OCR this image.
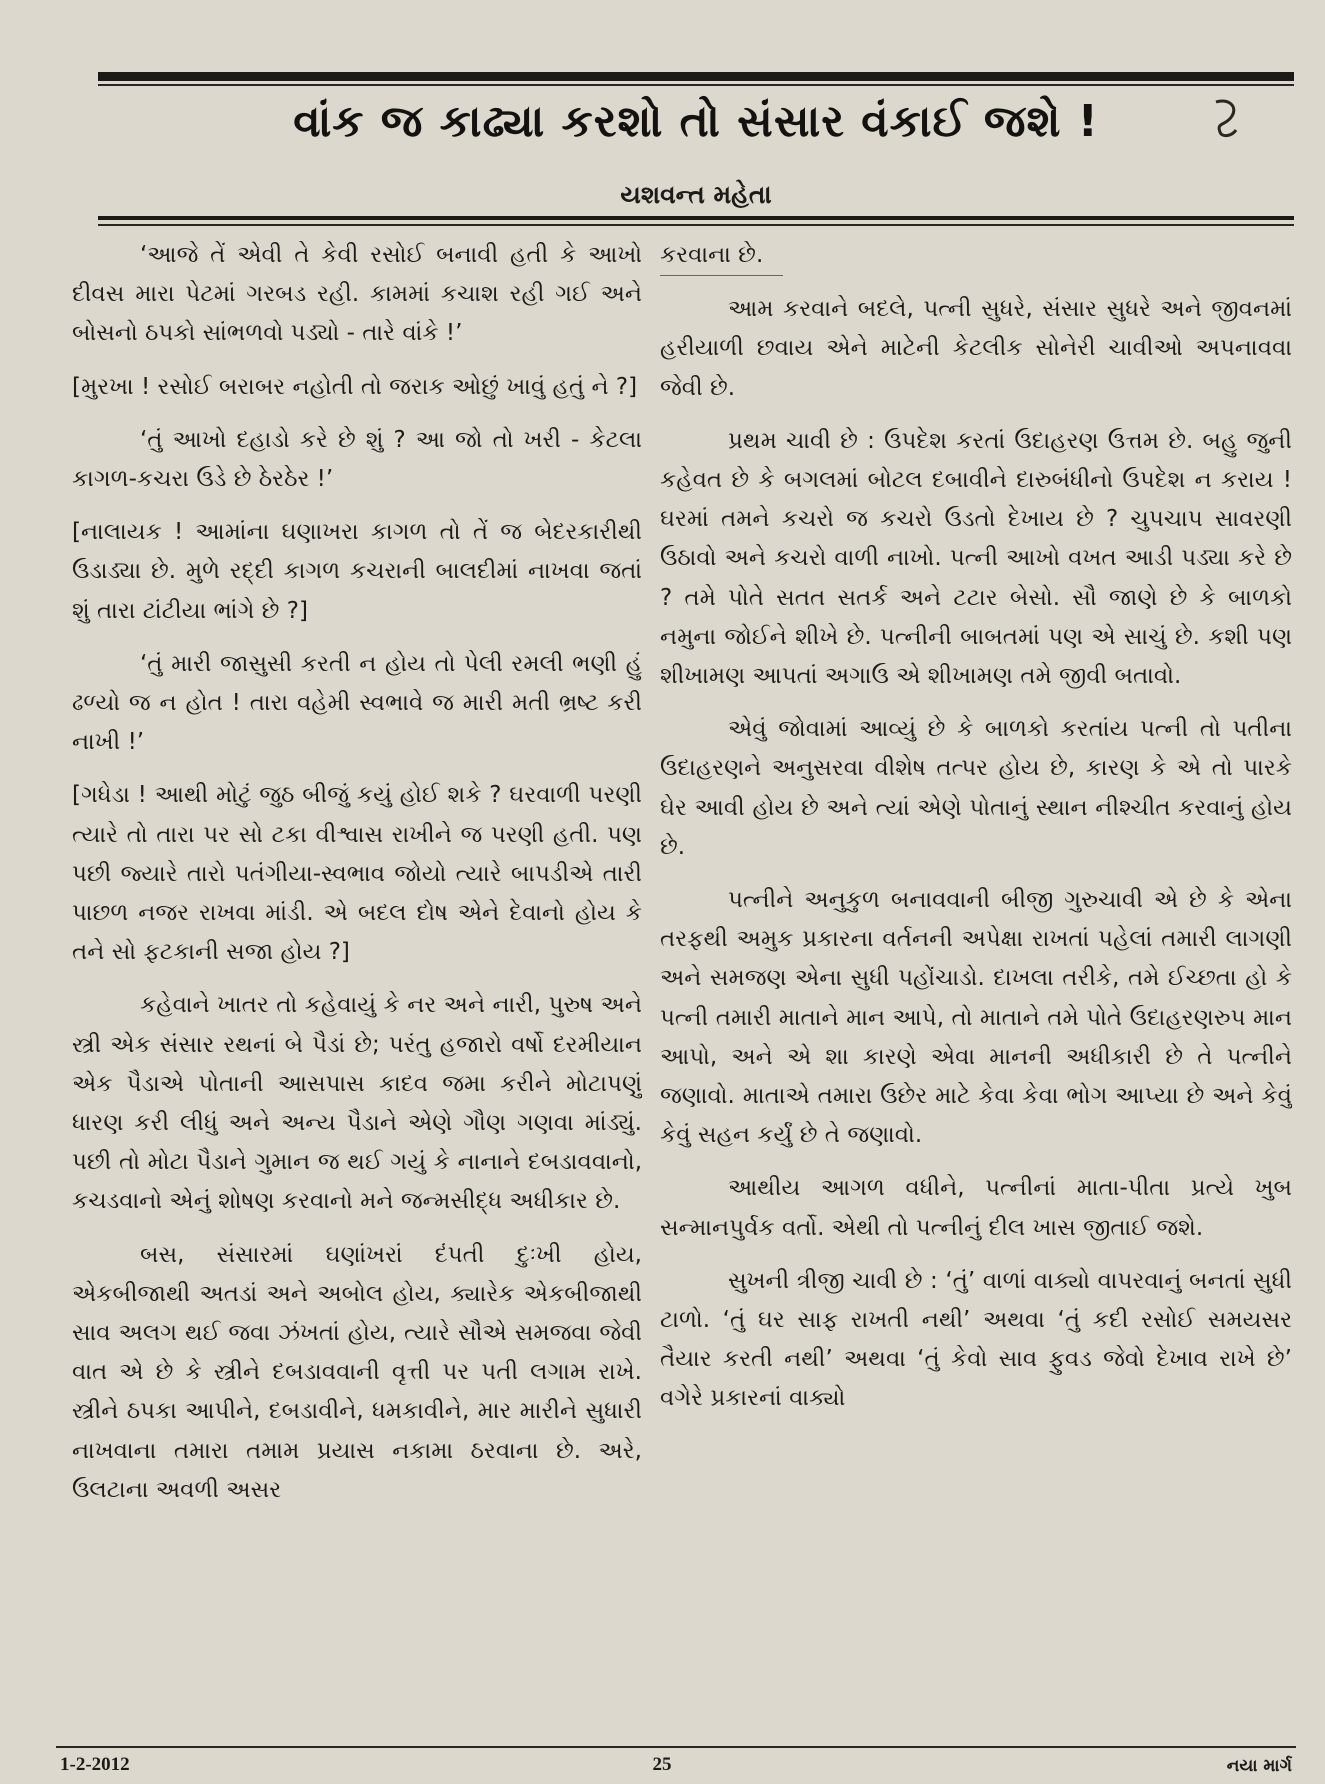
વાંક જ કાઢ્યા કરશો તો સંસાર વંકાઈ જશે !
યશવન્ત મહેતા

‘આજે તેં એવી તે કેવી રસોઈ બનાવી હતી કે આખો દીવસ મારા પેટમાં ગરબડ રહી. કામમાં કચાશ રહી ગઈ અને બોસનો ઠપકો સાંભળવો પડ્યો - તારે વાંકે !’

[મુરખા ! રસોઈ બરાબર નહોતી તો જરાક ઓછું ખાવું હતું ને ?]

‘તું આખો દહાડો કરે છે શું ? આ જો તો ખરી - કેટલા કાગળ-કચરા ઉડે છે ઠેરઠેર !’

[નાલાયક ! આમાંના ઘણાખરા કાગળ તો તેં જ બેદરકારીથી ઉડાડ્યા છે. મુળે રદ્દી કાગળ કચરાની બાલદીમાં નાખવા જતાં શું તારા ટાંટીયા ભાંગે છે ?]

‘તું મારી જાસુસી કરતી ન હોય તો પેલી રમલી ભણી હું ઢળ્યો જ ન હોત ! તારા વહેમી સ્વભાવે જ મારી મતી ભ્રષ્ટ કરી નાખી !’

[ગધેડા ! આથી મોટું જુઠ બીજું કયું હોઈ શકે ? ઘરવાળી પરણી ત્યારે તો તારા પર સો ટકા વીશ્વાસ રાખીને જ પરણી હતી. પણ પછી જ્યારે તારો પતંગીયા-સ્વભાવ જોયો ત્યારે બાપડીએ તારી પાછળ નજર રાખવા માંડી. એ બદલ દોષ એને દેવાનો હોય કે તને સો ફટકાની સજા હોય ?]

કહેવાને ખાતર તો કહેવાયું કે નર અને નારી, પુરુષ અને સ્ત્રી એક સંસાર રથનાં બે પૈડાં છે; પરંતુ હજારો વર્ષો દરમીયાન એક પૈડાએ પોતાની આસપાસ કાદવ જમા કરીને મોટાપણું ધારણ કરી લીધું અને અન્ય પૈડાને એણે ગૌણ ગણવા માંડ્યું. પછી તો મોટા પૈડાને ગુમાન જ થઈ ગયું કે નાનાને દબડાવવાનો, કચડવાનો એનું શોષણ કરવાનો મને જન્મસીદ્ધ અધીકાર છે.

બસ, સંસારમાં ઘણાંખરાં દંપતી દુઃખી હોય, એકબીજાથી અતડાં અને અબોલ હોય, ક્યારેક એકબીજાથી સાવ અલગ થઈ જવા ઝંખતાં હોય, ત્યારે સૌએ સમજવા જેવી વાત એ છે કે સ્ત્રીને દબડાવવાની વૃત્તી પર પતી લગામ રાખે. સ્ત્રીને ઠપકા આપીને, દબડાવીને, ધમકાવીને, માર મારીને સુધારી નાખવાના તમારા તમામ પ્રયાસ નકામા ઠરવાના છે. અરે, ઉલટાના અવળી અસર

કરવાના છે.

આમ કરવાને બદલે, પત્ની સુધરે, સંસાર સુધરે અને જીવનમાં હરીયાળી છવાય એને માટેની કેટલીક સોનેરી ચાવીઓ અપનાવવા જેવી છે.

પ્રથમ ચાવી છે : ઉપદેશ કરતાં ઉદાહરણ ઉત્તમ છે. બહુ જુની કહેવત છે કે બગલમાં બોટલ દબાવીને દારુબંધીનો ઉપદેશ ન કરાય ! ઘરમાં તમને કચરો જ કચરો ઉડતો દેખાય છે ? ચુપચાપ સાવરણી ઉઠાવો અને કચરો વાળી નાખો. પત્ની આખો વખત આડી પડ્યા કરે છે ? તમે પોતે સતત સતર્ક અને ટટાર બેસો. સૌ જાણે છે કે બાળકો નમુના જોઈને શીખે છે. પત્નીની બાબતમાં પણ એ સાચું છે. કશી પણ શીખામણ આપતાં અગાઉ એ શીખામણ તમે જીવી બતાવો.

એવું જોવામાં આવ્યું છે કે બાળકો કરતાંય પત્ની તો પતીના ઉદાહરણને અનુસરવા વીશેષ તત્પર હોય છે, કારણ કે એ તો પારકે ઘેર આવી હોય છે અને ત્યાં એણે પોતાનું સ્થાન નીશ્ચીત કરવાનું હોય છે.

પત્નીને અનુકુળ બનાવવાની બીજી ગુરુચાવી એ છે કે એના તરફથી અમુક પ્રકારના વર્તનની અપેક્ષા રાખતાં પહેલાં તમારી લાગણી અને સમજણ એના સુધી પહોંચાડો. દાખલા તરીકે, તમે ઈચ્છતા હો કે પત્ની તમારી માતાને માન આપે, તો માતાને તમે પોતે ઉદાહરણરુપ માન આપો, અને એ શા કારણે એવા માનની અધીકારી છે તે પત્નીને જણાવો. માતાએ તમારા ઉછેર માટે કેવા કેવા ભોગ આપ્યા છે અને કેવું કેવું સહન કર્યું છે તે જણાવો.

આથીય આગળ વધીને, પત્નીનાં માતા-પીતા પ્રત્યે ખુબ સન્માનપુર્વક વર્તો. એથી તો પત્નીનું દીલ ખાસ જીતાઈ જશે.

સુખની ત્રીજી ચાવી છે : ‘તું’ વાળાં વાક્યો વાપરવાનું બનતાં સુધી ટાળો. ‘તું ઘર સાફ રાખતી નથી’ અથવા ‘તું કદી રસોઈ સમયસર તૈયાર કરતી નથી’ અથવા ‘તું કેવો સાવ ફુવડ જેવો દેખાવ રાખે છે’ વગેરે પ્રકારનાં વાક્યો

1-2-2012	25	નયા માર્ગ
